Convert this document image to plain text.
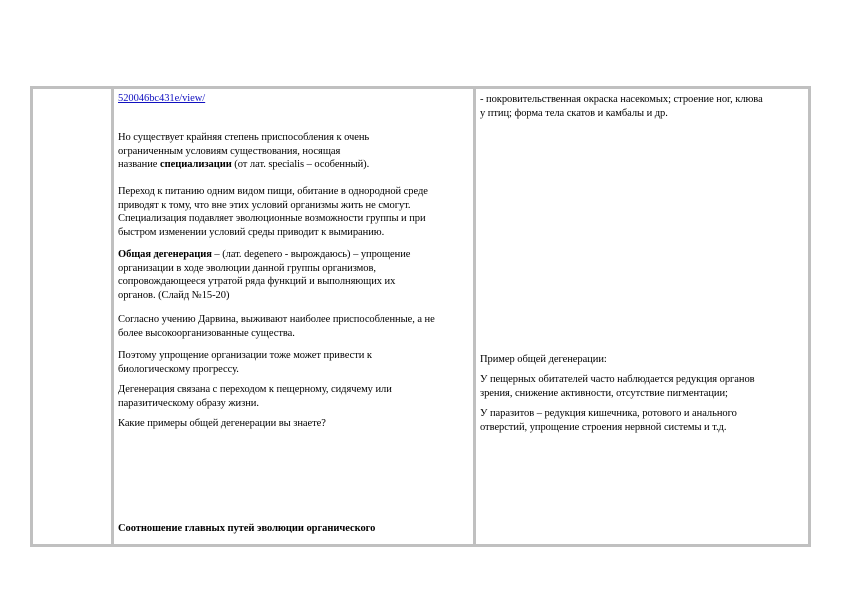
520046bc431e/view/
Но существует крайняя степень приспособления к очень
ограниченным условиям существования, носящая
название специализации (от лат. specialis – особенный).
Переход к питанию одним видом пищи, обитание в однородной среде
приводят к тому, что вне этих условий организмы жить не смогут.
Специализация подавляет эволюционные возможности группы и при
быстром изменении условий среды приводит к вымиранию.
Общая дегенерация – (лат. degenero - вырождаюсь) – упрощение
организации в ходе эволюции данной группы организмов,
сопровождающееся утратой ряда функций и выполняющих их
органов. (Слайд №15-20)
Согласно учению Дарвина, выживают наиболее приспособленные, а не
более высокоорганизованные существа.
Поэтому упрощение организации тоже может привести к
биологическому прогрессу.
Дегенерация связана с переходом к пещерному, сидячему или
паразитическому образу жизни.
Какие примеры общей дегенерации вы знаете?
Соотношение главных путей эволюции органического
- покровительственная окраска насекомых; строение ног, клюва
у птиц; форма тела скатов и камбалы и др.
Пример общей дегенерации:
У пещерных обитателей часто наблюдается редукция органов
зрения, снижение активности, отсутствие пигментации;
У паразитов – редукция кишечника, ротового и анального
отверстий, упрощение строения нервной системы и т.д.
